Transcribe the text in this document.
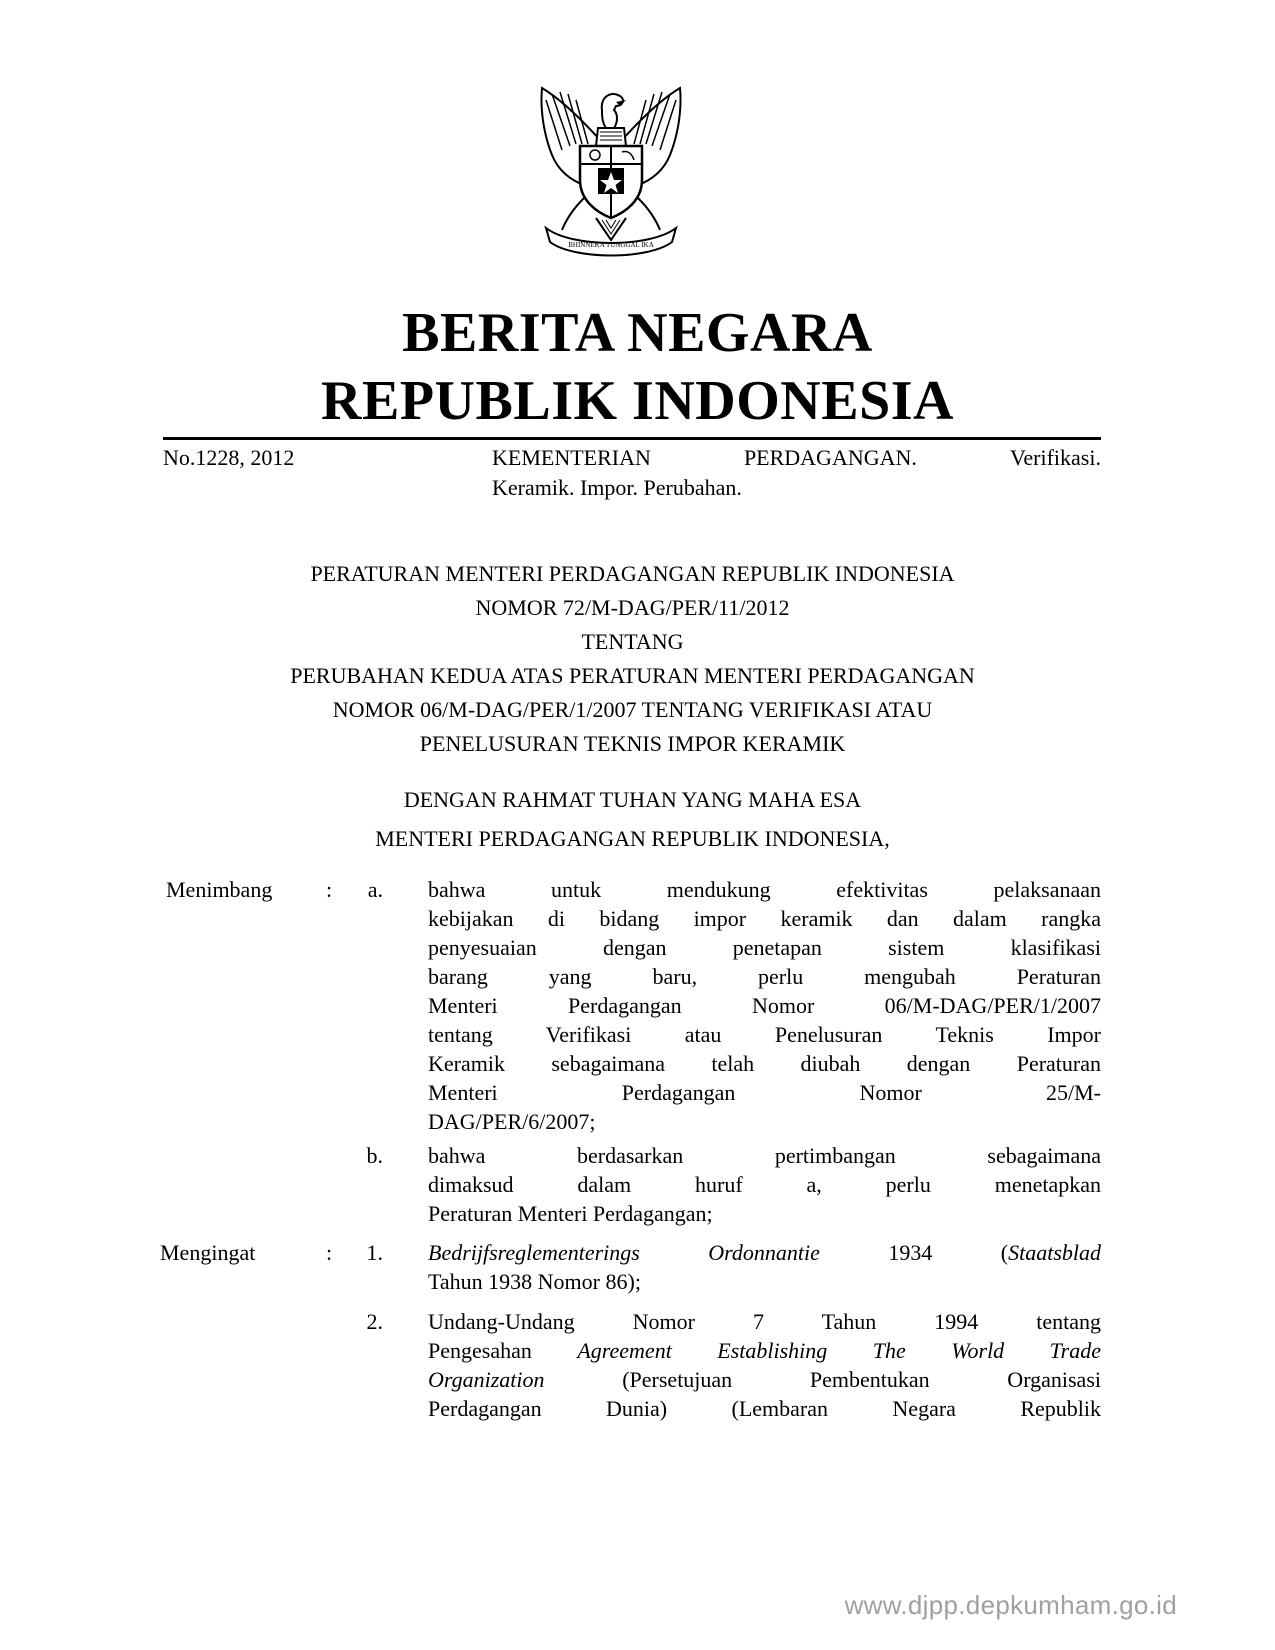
BHINNEKA TUNGGAL IKA
BERITA NEGARA
REPUBLIK INDONESIA
No.1228, 2012	KEMENTERIAN	PERDAGANGAN.	Verifikasi.
Keramik. Impor. Perubahan.
PERATURAN MENTERI PERDAGANGAN REPUBLIK INDONESIA
NOMOR 72/M-DAG/PER/11/2012
TENTANG
PERUBAHAN KEDUA ATAS PERATURAN MENTERI PERDAGANGAN
NOMOR 06/M-DAG/PER/1/2007 TENTANG VERIFIKASI ATAU
PENELUSURAN TEKNIS IMPOR KERAMIK
DENGAN RAHMAT TUHAN YANG MAHA ESA
MENTERI PERDAGANGAN REPUBLIK INDONESIA,
Menimbang :	a. bahwa untuk mendukung efektivitas pelaksanaan
kebijakan di bidang impor keramik dan dalam rangka
penyesuaian dengan penetapan sistem klasifikasi
barang yang baru, perlu mengubah Peraturan
Menteri Perdagangan Nomor 06/M-DAG/PER/1/2007
tentang Verifikasi atau Penelusuran Teknis Impor
Keramik sebagaimana telah diubah dengan Peraturan
Menteri Perdagangan Nomor 25/M-
DAG/PER/6/2007;
b. bahwa berdasarkan pertimbangan sebagaimana
dimaksud dalam huruf a, perlu menetapkan
Peraturan Menteri Perdagangan;
Mengingat	:	1. Bedrijfsreglementerings Ordonnantie 1934 (Staatsblad
Tahun 1938 Nomor 86);
2. Undang-Undang Nomor 7 Tahun 1994 tentang
Pengesahan Agreement Establishing The World Trade
Organization (Persetujuan Pembentukan Organisasi
Perdagangan Dunia) (Lembaran Negara Republik
www.djpp.depkumham.go.id
